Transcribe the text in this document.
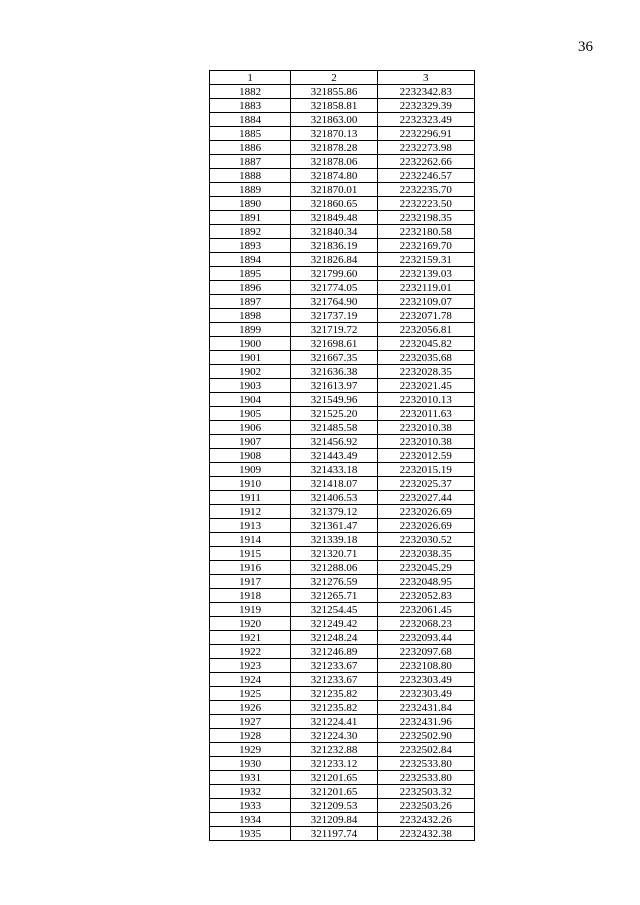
36
1	2	3
1882	321855.86	2232342.83
1883	321858.81	2232329.39
1884	321863.00	2232323.49
1885	321870.13	2232296.91
1886	321878.28	2232273.98
1887	321878.06	2232262.66
1888	321874.80	2232246.57
1889	321870.01	2232235.70
1890	321860.65	2232223.50
1891	321849.48	2232198.35
1892	321840.34	2232180.58
1893	321836.19	2232169.70
1894	321826.84	2232159.31
1895	321799.60	2232139.03
1896	321774.05	2232119.01
1897	321764.90	2232109.07
1898	321737.19	2232071.78
1899	321719.72	2232056.81
1900	321698.61	2232045.82
1901	321667.35	2232035.68
1902	321636.38	2232028.35
1903	321613.97	2232021.45
1904	321549.96	2232010.13
1905	321525.20	2232011.63
1906	321485.58	2232010.38
1907	321456.92	2232010.38
1908	321443.49	2232012.59
1909	321433.18	2232015.19
1910	321418.07	2232025.37
1911	321406.53	2232027.44
1912	321379.12	2232026.69
1913	321361.47	2232026.69
1914	321339.18	2232030.52
1915	321320.71	2232038.35
1916	321288.06	2232045.29
1917	321276.59	2232048.95
1918	321265.71	2232052.83
1919	321254.45	2232061.45
1920	321249.42	2232068.23
1921	321248.24	2232093.44
1922	321246.89	2232097.68
1923	321233.67	2232108.80
1924	321233.67	2232303.49
1925	321235.82	2232303.49
1926	321235.82	2232431.84
1927	321224.41	2232431.96
1928	321224.30	2232502.90
1929	321232.88	2232502.84
1930	321233.12	2232533.80
1931	321201.65	2232533.80
1932	321201.65	2232503.32
1933	321209.53	2232503.26
1934	321209.84	2232432.26
1935	321197.74	2232432.38
